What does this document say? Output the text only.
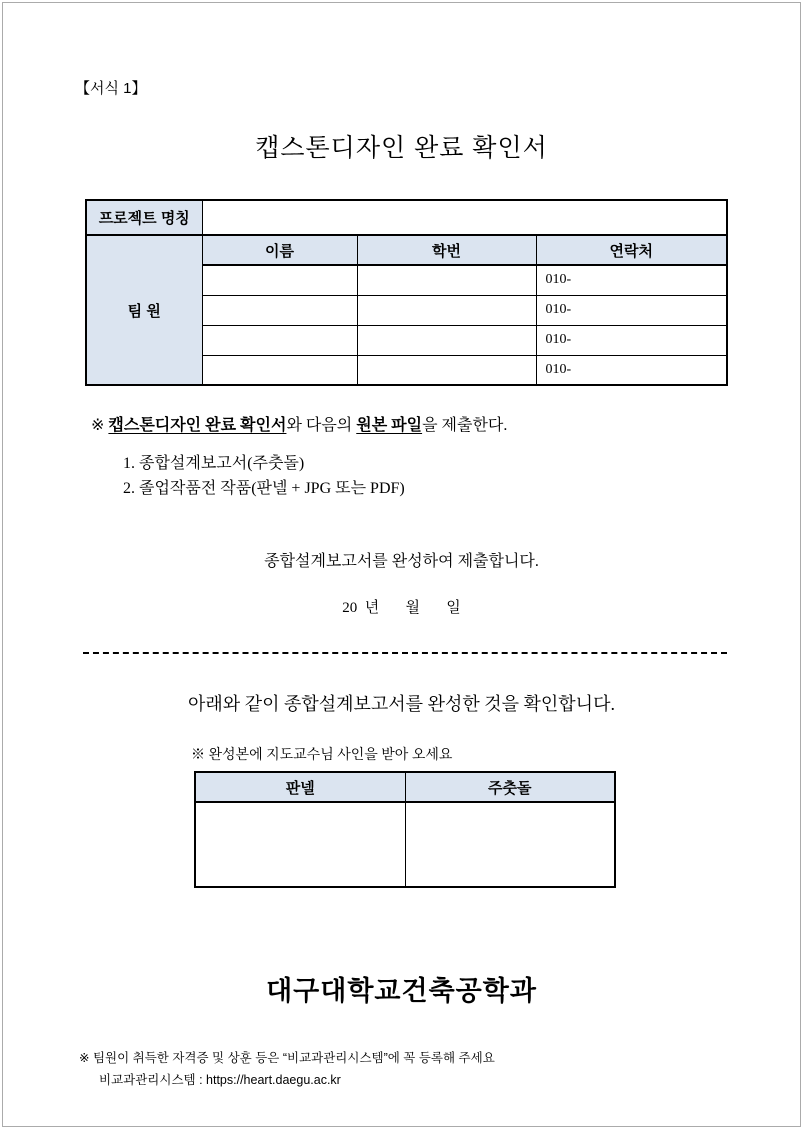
【서식 1】
캡스톤디자인 완료 확인서
프로젝트 명칭			
팀 원	이름	학번	연락처
			010-
			010-
			010-
			010-
※ 캡스톤디자인 완료 확인서와 다음의 원본 파일을 제출한다.
1. 종합설계보고서(주춧돌)
2. 졸업작품전 작품(판넬 + JPG 또는 PDF)
종합설계보고서를 완성하여 제출합니다.
20  년       월       일
아래와 같이 종합설계보고서를 완성한 것을 확인합니다.
※ 완성본에 지도교수님 사인을 받아 오세요
판넬	주춧돌

대구대학교건축공학과
※ 팀원이 취득한 자격증 및 상훈 등은 “비교과관리시스템”에 꼭 등록해 주세요
비교과관리시스템 : https://heart.daegu.ac.kr
